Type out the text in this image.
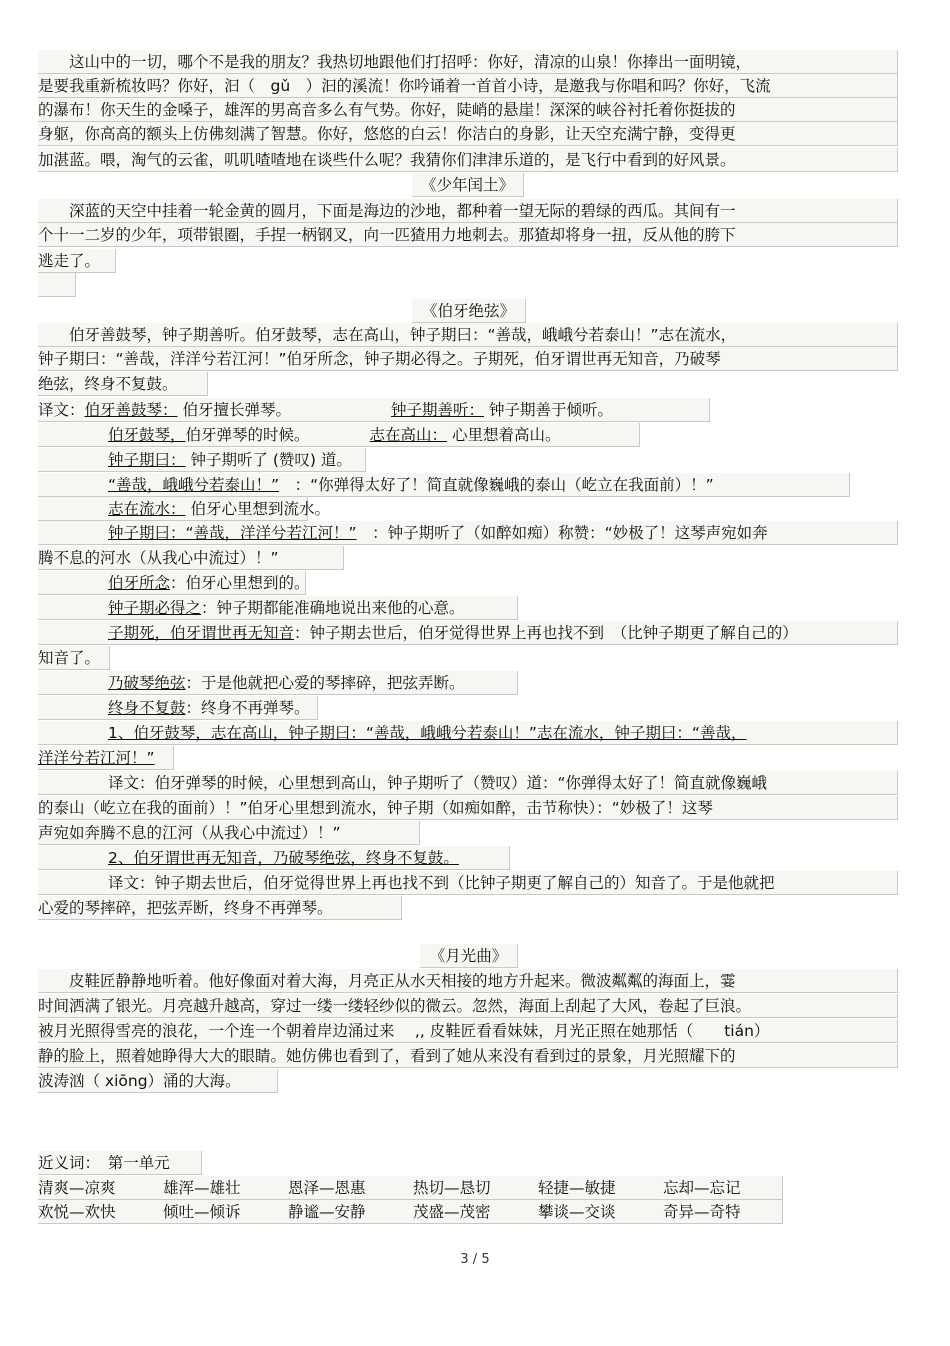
　　这山中的一切，哪个不是我的朋友？我热切地跟他们打招呼：你好，清凉的山泉！你捧出一面明镜，
是要我重新梳妆吗？你好，汩（　gǔ　）汩的溪流！你吟诵着一首首小诗，是邀我与你唱和吗？你好，飞流
的瀑布！你天生的金嗓子，雄浑的男高音多么有气势。你好，陡峭的悬崖！深深的峡谷衬托着你挺拔的
身躯，你高高的额头上仿佛刻满了智慧。你好，悠悠的白云！你洁白的身影，让天空充满宁静，变得更
加湛蓝。喂，淘气的云雀，叽叽喳喳地在谈些什么呢？我猜你们津津乐道的，是飞行中看到的好风景。
《少年闰土》
　　深蓝的天空中挂着一轮金黄的圆月，下面是海边的沙地，都种着一望无际的碧绿的西瓜。其间有一
个十一二岁的少年，项带银圈，手捏一柄钢叉，向一匹猹用力地刺去。那猹却将身一扭，反从他的胯下
逃走了。
《伯牙绝弦》
　　伯牙善鼓琴，钟子期善听。伯牙鼓琴，志在高山，钟子期曰：“善哉，峨峨兮若泰山！”志在流水，
钟子期曰：“善哉，洋洋兮若江河！”伯牙所念，钟子期必得之。子期死，伯牙谓世再无知音，乃破琴
绝弦，终身不复鼓。
译文：伯牙善鼓琴： 伯牙擅长弹琴。	钟子期善听： 钟子期善于倾听。
伯牙鼓琴，伯牙弹琴的时候。	志在高山： 心里想着高山。
钟子期曰： 钟子期听了 (赞叹) 道。
“善哉，峨峨兮若泰山！”　 ：“你弹得太好了！简直就像巍峨的泰山（屹立在我面前）！”
志在流水： 伯牙心里想到流水。
钟子期曰：“善哉，洋洋兮若江河！”　 ：钟子期听了（如醉如痴）称赞：“妙极了！这琴声宛如奔
腾不息的河水（从我心中流过）！”
伯牙所念：伯牙心里想到的。
钟子期必得之：钟子期都能准确地说出来他的心意。
子期死，伯牙谓世再无知音：钟子期去世后，伯牙觉得世界上再也找不到　（比钟子期更了解自己的）
知音了。
乃破琴绝弦：于是他就把心爱的琴摔碎，把弦弄断。
终身不复鼓：终身不再弹琴。
1、伯牙鼓琴，志在高山，钟子期曰：“善哉，峨峨兮若泰山！”志在流水，钟子期曰：“善哉，
洋洋兮若江河！”
译文：伯牙弹琴的时候，心里想到高山，钟子期听了（赞叹）道：“你弹得太好了！简直就像巍峨
的泰山（屹立在我的面前）！”伯牙心里想到流水，钟子期（如痴如醉，击节称快）：“妙极了！这琴
声宛如奔腾不息的江河（从我心中流过）！”
2、伯牙谓世再无知音，乃破琴绝弦，终身不复鼓。
译文：钟子期去世后，伯牙觉得世界上再也找不到（比钟子期更了解自己的）知音了。于是他就把
心爱的琴摔碎，把弦弄断，终身不再弹琴。
《月光曲》
　　皮鞋匠静静地听着。他好像面对着大海，月亮正从水天相接的地方升起来。微波粼粼的海面上，霎
时间洒满了银光。月亮越升越高，穿过一缕一缕轻纱似的微云。忽然，海面上刮起了大风，卷起了巨浪。
被月光照得雪亮的浪花，一个连一个朝着岸边涌过来　 ,, 皮鞋匠看看妹妹，月光正照在她那恬（　　tián）
静的脸上，照着她睁得大大的眼睛。她仿佛也看到了，看到了她从来没有看到过的景象，月光照耀下的
波涛汹（ xiōng）涌的大海。
近义词：　 第一单元
清爽—凉爽	雄浑—雄壮	恩泽—恩惠	热切—恳切	轻捷—敏捷	忘却—忘记
欢悦—欢快	倾吐—倾诉	静谧—安静	茂盛—茂密	攀谈—交谈	奇异—奇特
3 / 5
